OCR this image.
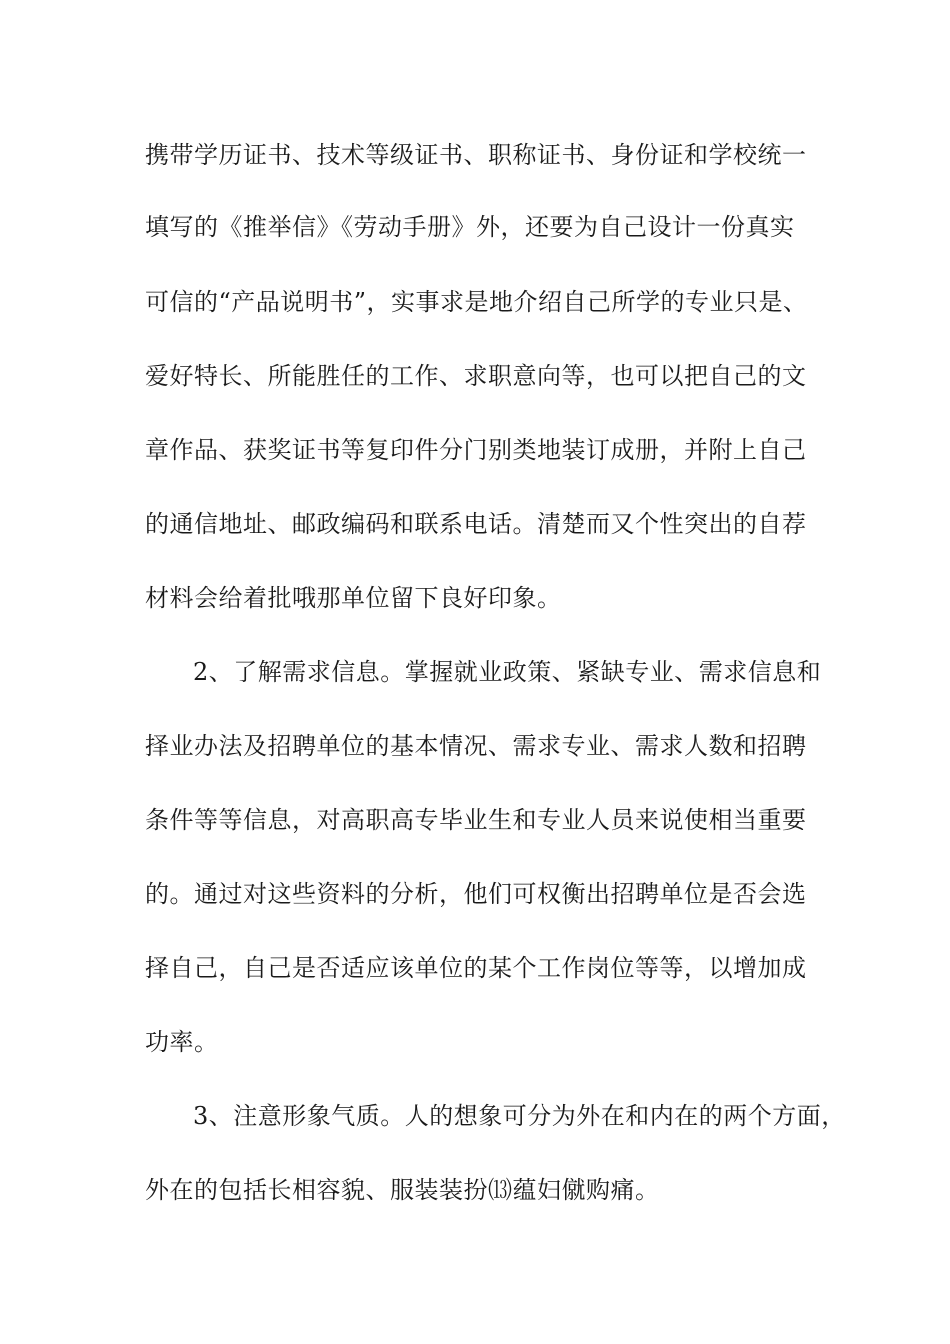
携带学历证书、技术等级证书、职称证书、身份证和学校统一
填写的《推举信》《劳动手册》外，还要为自己设计一份真实
可信的“产品说明书”，实事求是地介绍自己所学的专业只是、
爱好特长、所能胜任的工作、求职意向等，也可以把自己的文
章作品、获奖证书等复印件分门别类地装订成册，并附上自己
的通信地址、邮政编码和联系电话。清楚而又个性突出的自荐
材料会给着批哦那单位留下良好印象。
2、了解需求信息。掌握就业政策、紧缺专业、需求信息和
择业办法及招聘单位的基本情况、需求专业、需求人数和招聘
条件等等信息，对高职高专毕业生和专业人员来说使相当重要
的。通过对这些资料的分析，他们可权衡出招聘单位是否会选
择自己，自己是否适应该单位的某个工作岗位等等，以增加成
功率。
3、注意形象气质。人的想象可分为外在和内在的两个方面，
外在的包括长相容貌、服装装扮⒀蕴妇僦购痛。
